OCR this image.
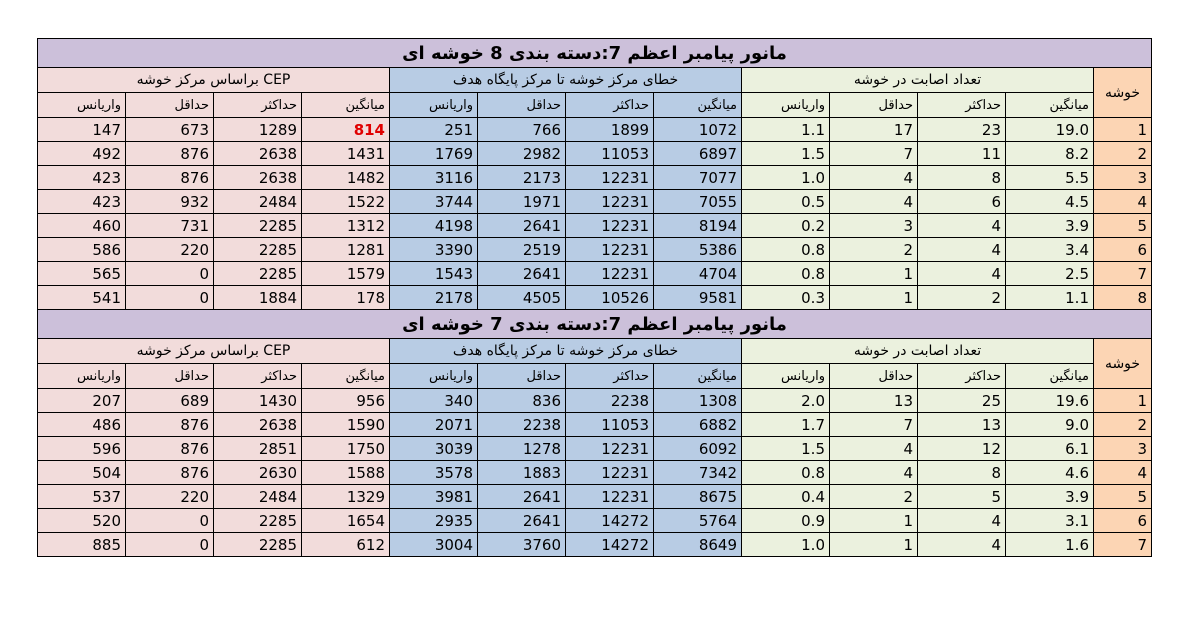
مانور پیامبر اعظم 7:دسته بندی 8 خوشه ای												
CEP براساس مرکز خوشه				خطای مرکز خوشه تا مرکز پایگاه هدف				تعداد اصابت در خوشه				خوشه
واریانس	حداقل	حداکثر	میانگین	واریانس	حداقل	حداکثر	میانگین	واریانس	حداقل	حداکثر	میانگین	
147	673	1289	814	251	766	1899	1072	1.1	17	23	19.0	1
492	876	2638	1431	1769	2982	11053	6897	1.5	7	11	8.2	2
423	876	2638	1482	3116	2173	12231	7077	1.0	4	8	5.5	3
423	932	2484	1522	3744	1971	12231	7055	0.5	4	6	4.5	4
460	731	2285	1312	4198	2641	12231	8194	0.2	3	4	3.9	5
586	220	2285	1281	3390	2519	12231	5386	0.8	2	4	3.4	6
565	0	2285	1579	1543	2641	12231	4704	0.8	1	4	2.5	7
541	0	1884	178	2178	4505	10526	9581	0.3	1	2	1.1	8
مانور پیامبر اعظم 7:دسته بندی 7 خوشه ای												
CEP براساس مرکز خوشه				خطای مرکز خوشه تا مرکز پایگاه هدف				تعداد اصابت در خوشه				خوشه
واریانس	حداقل	حداکثر	میانگین	واریانس	حداقل	حداکثر	میانگین	واریانس	حداقل	حداکثر	میانگین	
207	689	1430	956	340	836	2238	1308	2.0	13	25	19.6	1
486	876	2638	1590	2071	2238	11053	6882	1.7	7	13	9.0	2
596	876	2851	1750	3039	1278	12231	6092	1.5	4	12	6.1	3
504	876	2630	1588	3578	1883	12231	7342	0.8	4	8	4.6	4
537	220	2484	1329	3981	2641	12231	8675	0.4	2	5	3.9	5
520	0	2285	1654	2935	2641	14272	5764	0.9	1	4	3.1	6
885	0	2285	612	3004	3760	14272	8649	1.0	1	4	1.6	7
